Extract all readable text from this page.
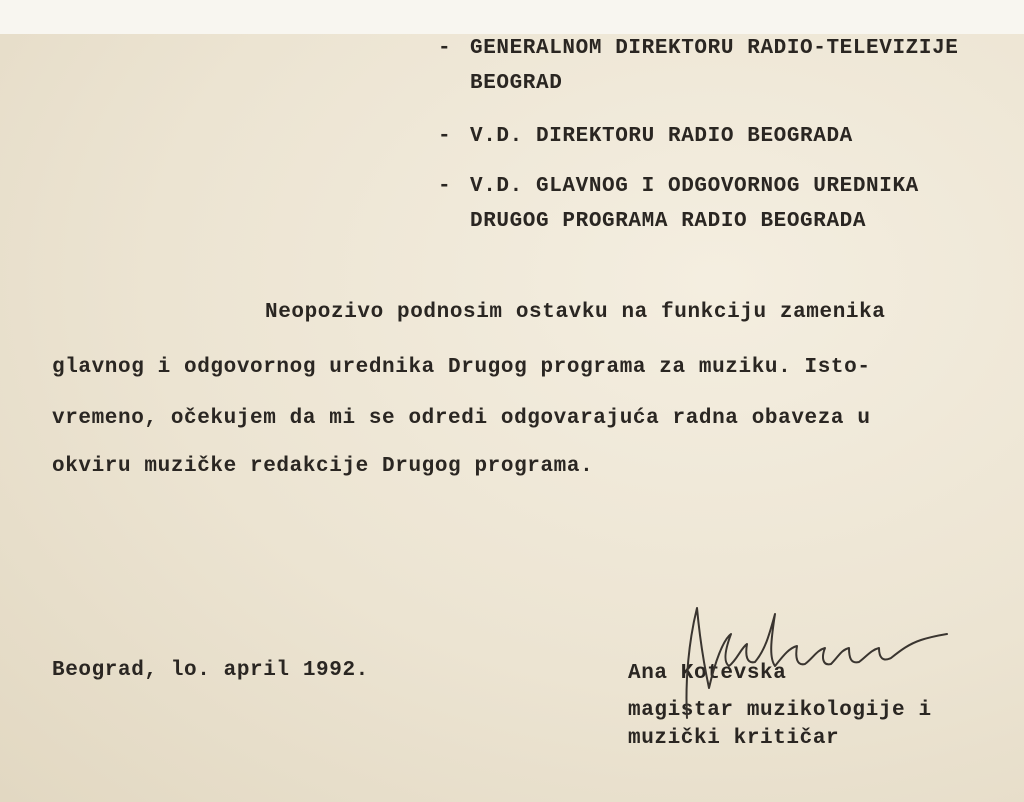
- GENERALNOM DIREKTORU RADIO-TELEVIZIJE
BEOGRAD
- V.D. DIREKTORU RADIO BEOGRADA
- V.D. GLAVNOG I ODGOVORNOG UREDNIKA
DRUGOG PROGRAMA RADIO BEOGRADA
Neopozivo podnosim ostavku na funkciju zamenika
glavnog i odgovornog urednika Drugog programa za muziku. Isto-
vremeno, očekujem da mi se odredi odgovarajuća radna obaveza u
okviru muzičke redakcije Drugog programa.
Beograd, lo. april 1992.	Ana Kotevska
magistar muzikologije i
muzički kritičar
